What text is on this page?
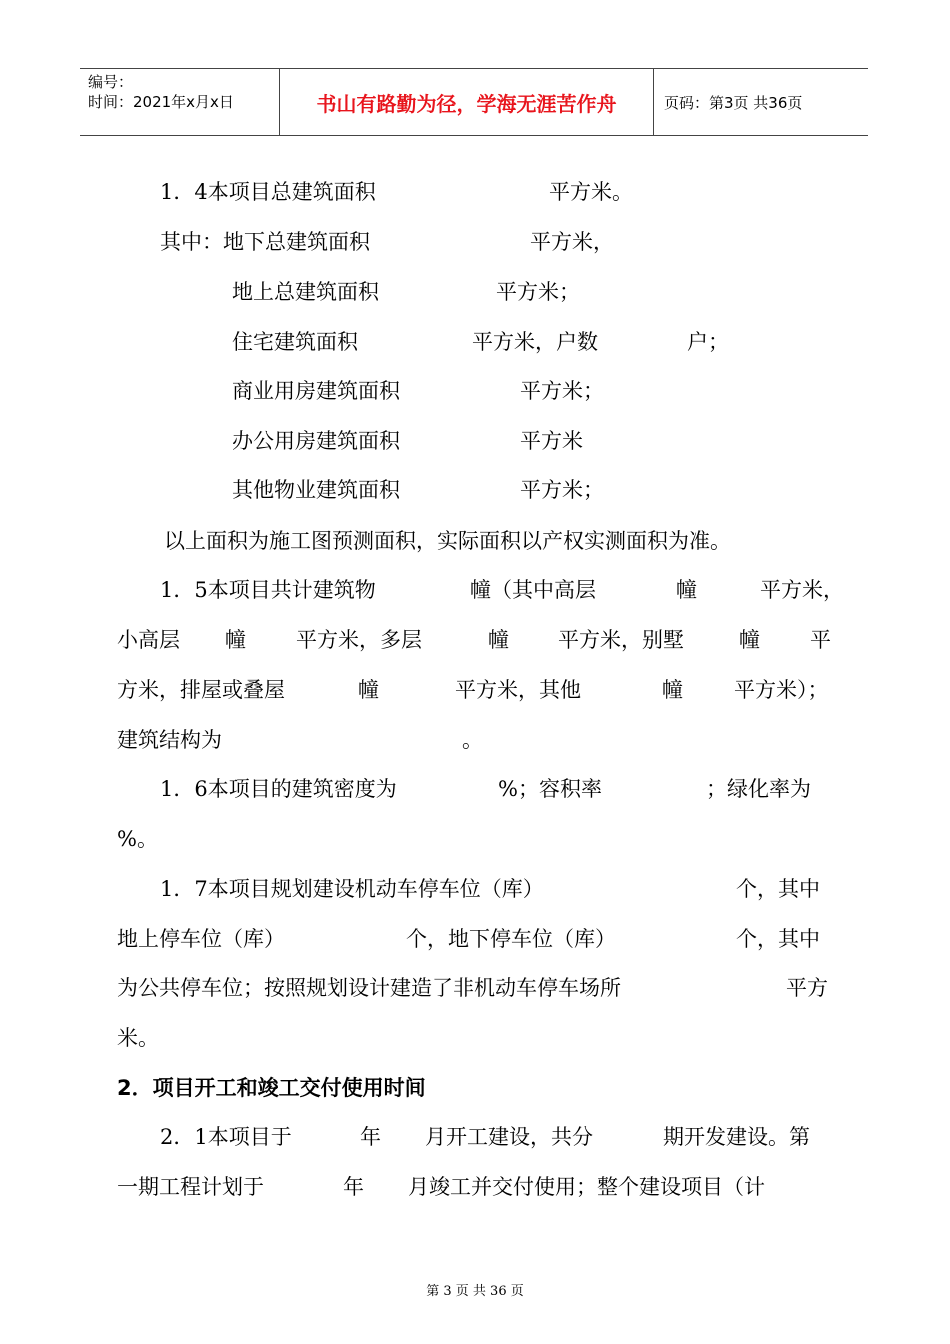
编号：
时间：2021年x月x日	书山有路勤为径，学海无涯苦作舟	页码：第3页 共36页
1．4本项目总建筑面积	平方米。
其中：地下总建筑面积	平方米，
地上总建筑面积	平方米；
住宅建筑面积	平方米，户数	户；
商业用房建筑面积	平方米；
办公用房建筑面积	平方米
其他物业建筑面积	平方米；
以上面积为施工图预测面积，实际面积以产权实测面积为准。
1．5本项目共计建筑物	幢（其中高层	幢	平方米，
小高层 幢 平方米，多层	幢 平方米，别墅	幢 平
方米，排屋或叠屋	幢	平方米，其他	幢 平方米）；
建筑结构为	。
1．6本项目的建筑密度为	%；容积率	；绿化率为
%。
1．7本项目规划建设机动车停车位（库）	个，其中
地上停车位（库）	个，地下停车位（库）	个，其中
为公共停车位；按照规划设计建造了非机动车停车场所	平方
米。
2．项目开工和竣工交付使用时间
2．1本项目于	年 月开工建设，共分	期开发建设。第
一期工程计划于	年 月竣工并交付使用；整个建设项目（计
第 3 页 共 36 页
